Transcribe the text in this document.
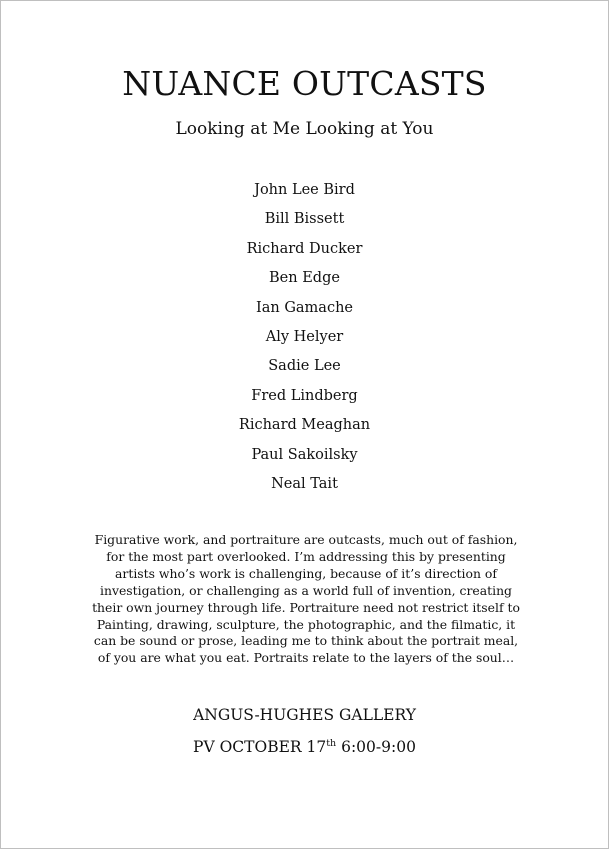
NUANCE OUTCASTS

Looking at Me Looking at You

John Lee Bird
Bill Bissett
Richard Ducker
Ben Edge
Ian Gamache
Aly Helyer
Sadie Lee
Fred Lindberg
Richard Meaghan
Paul Sakoilsky
Neal Tait

Figurative work, and portraiture are outcasts, much out of fashion, for the most part overlooked. I’m addressing this by presenting artists who’s work is challenging, because of it’s direction of investigation, or challenging as a world full of invention, creating their own journey through life. Portraiture need not restrict itself to Painting, drawing, sculpture, the photographic, and the filmatic, it can be sound or prose, leading me to think about the portrait meal, of you are what you eat. Portraits relate to the layers of the soul…

ANGUS-HUGHES GALLERY

PV OCTOBER 17th 6:00-9:00
